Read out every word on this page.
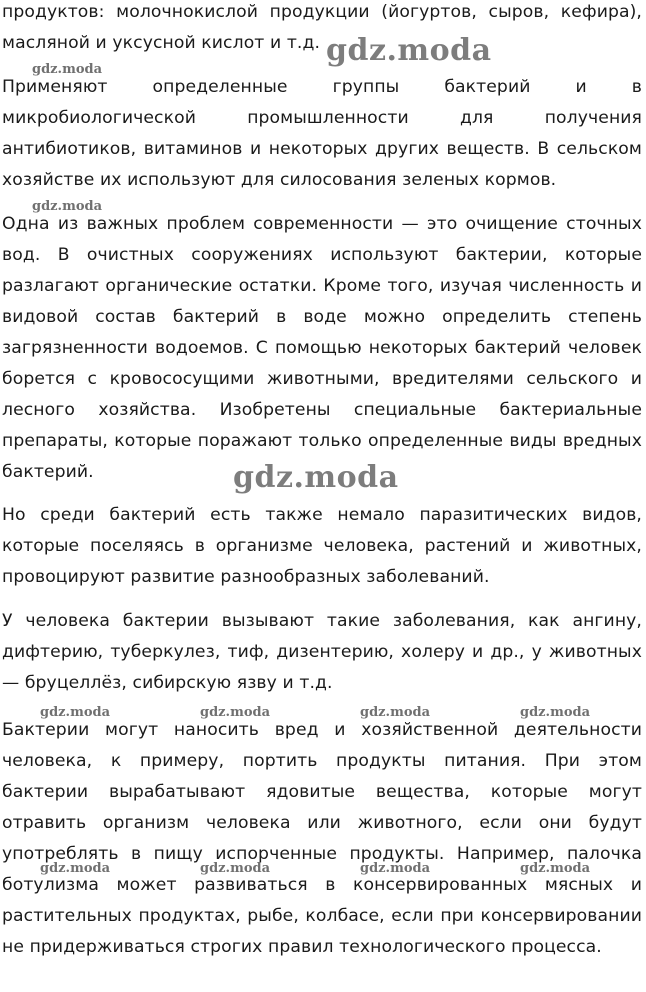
продуктов: молочнокислой продукции (йогуртов, сыров, кефира), масляной и уксусной кислот и т.д.
Применяют определенные группы бактерий и в микробиологической промышленности для получения антибиотиков, витаминов и некоторых других веществ. В сельском хозяйстве их используют для силосования зеленых кормов.
Одна из важных проблем современности — это очищение сточных вод. В очистных сооружениях используют бактерии, которые разлагают органические остатки. Кроме того, изучая численность и видовой состав бактерий в воде можно определить степень загрязненности водоемов. С помощью некоторых бактерий человек борется с кровососущими животными, вредителями сельского и лесного хозяйства. Изобретены специальные бактериальные препараты, которые поражают только определенные виды вредных бактерий.
Но среди бактерий есть также немало паразитических видов, которые поселяясь в организме человека, растений и животных, провоцируют развитие разнообразных заболеваний.
У человека бактерии вызывают такие заболевания, как ангину, дифтерию, туберкулез, тиф, дизентерию, холеру и др., у животных — бруцеллёз, сибирскую язву и т.д.
Бактерии могут наносить вред и хозяйственной деятельности человека, к примеру, портить продукты питания. При этом бактерии вырабатывают ядовитые вещества, которые могут отравить организм человека или животного, если они будут употреблять в пищу испорченные продукты. Например, палочка ботулизма может развиваться в консервированных мясных и растительных продуктах, рыбе, колбасе, если при консервировании не придерживаться строгих правил технологического процесса.
gdz.moda
gdz.moda
gdz.moda
gdz.moda
gdz.moda	gdz.moda	gdz.moda	gdz.moda
gdz.moda	gdz.moda	gdz.moda	gdz.moda
